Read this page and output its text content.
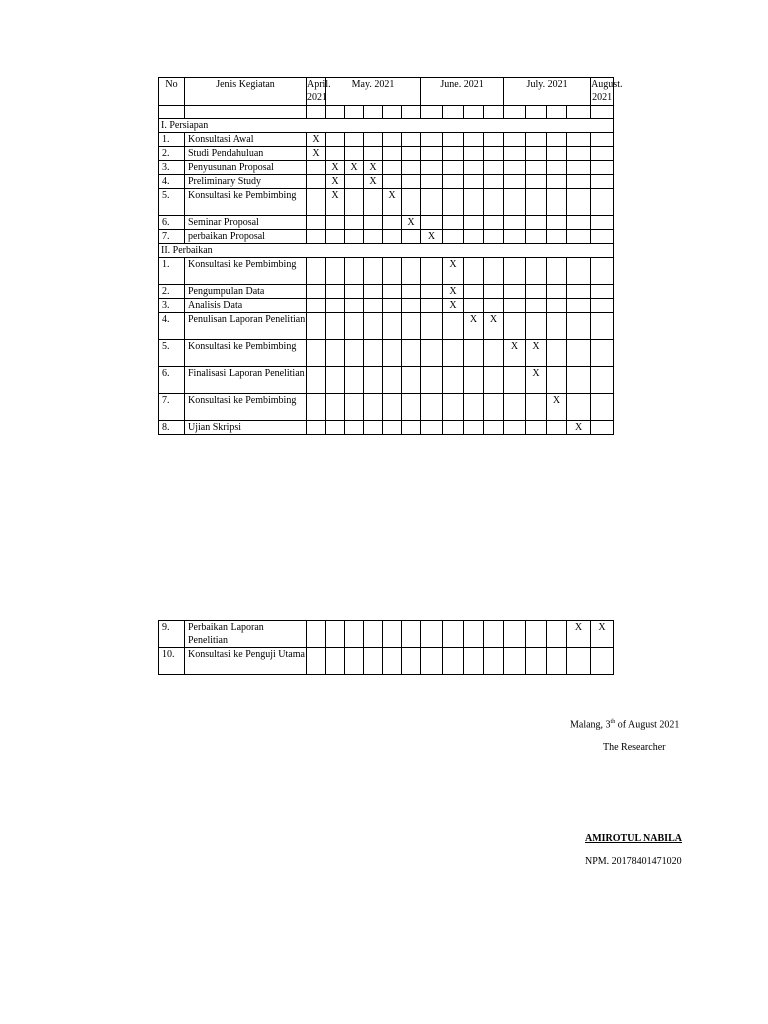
No	Jenis Kegiatan	April. 2021	May. 2021					June. 2021				July. 2021				August. 2021	

I. Persiapan																	
1.	Konsultasi Awal	X															
2.	Studi Pendahuluan	X															
3.	Penyusunan Proposal		X	X	X												
4.	Preliminary Study		X		X												
5.	Konsultasi ke Pembimbing		X			X											
6.	Seminar Proposal						X										
7.	perbaikan Proposal							X									
II. Perbaikan																	
1.	Konsultasi ke Pembimbing								X								
2.	Pengumpulan Data								X								
3.	Analisis Data								X								
4.	Penulisan Laporan Penelitian									X	X						
5.	Konsultasi ke Pembimbing											X	X				
6.	Finalisasi Laporan Penelitian												X				
7.	Konsultasi ke Pembimbing													X			
8.	Ujian Skripsi														X		
9.	Perbaikan Laporan Penelitian														X	X	
10.	Konsultasi ke Penguji Utama																
Malang, 3th of August 2021
The Researcher
AMIROTUL NABILA
NPM. 20178401471020
